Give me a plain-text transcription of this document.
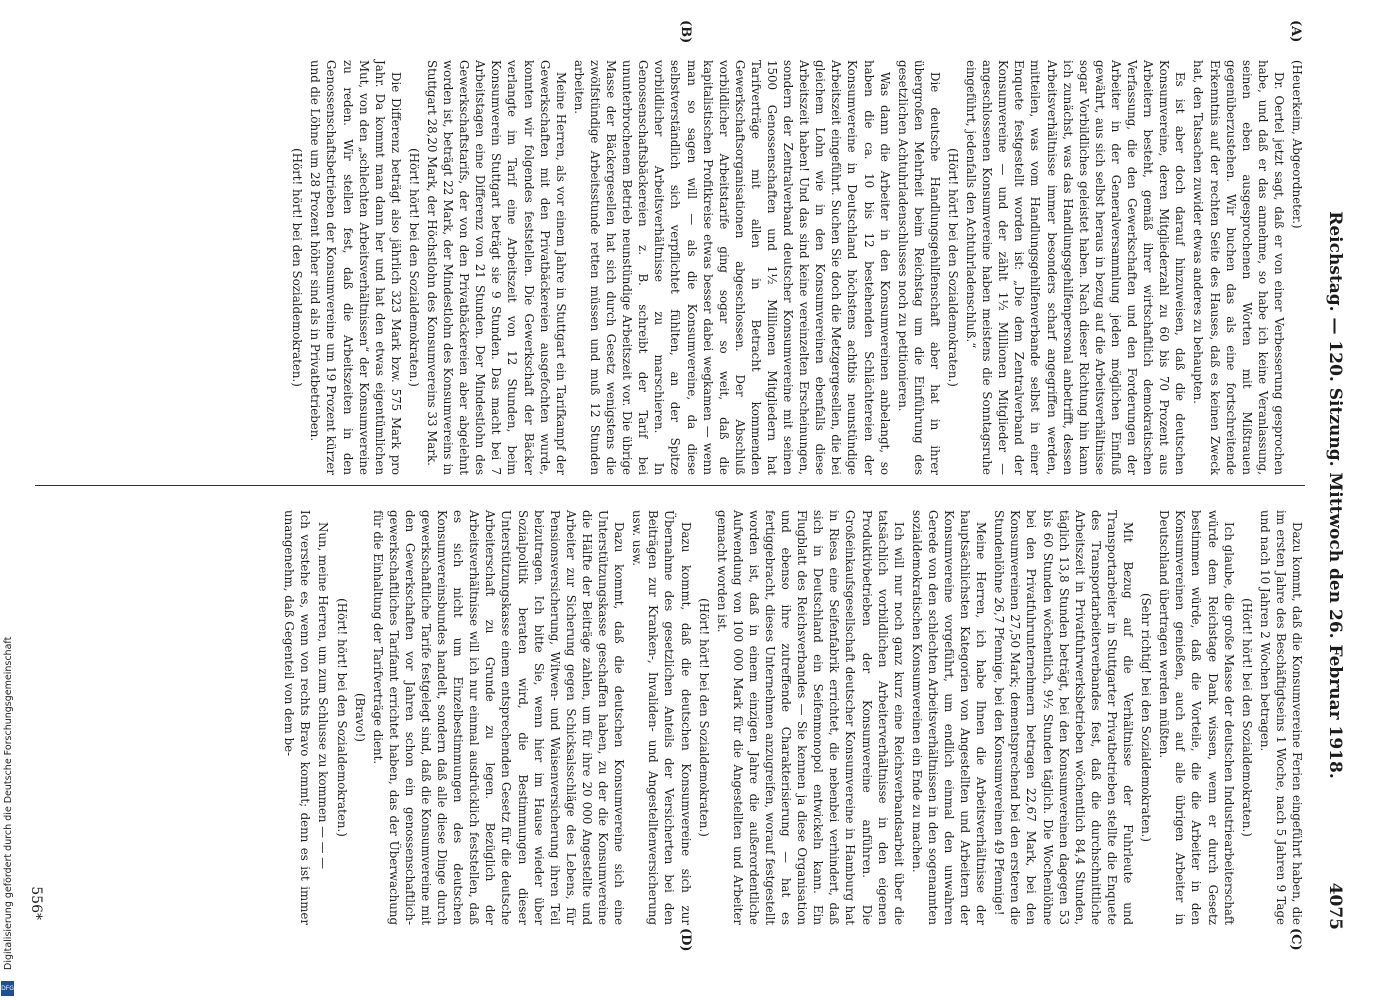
Digitalisierung gefördert durch die Deutsche Forschungsgemeinschaft
DFG
Reichstag. — 120. Sitzung. Mittwoch den 26. Februar 1918.
4075
(A)
(B)
(C)
(D)

(Heuerkeim, Abgeordneter.)

Dr. Oertel jetzt sagt, daß er von einer Verbesserung gesprochen habe, und daß er das annehme, so habe ich keine Veranlassung, seinen eben ausgesprochenen Worten mit Mißtrauen gegenüberzustehen. Wir buchen das als eine fortschreitende Erkenntnis auf der rechten Seite des Hauses, daß es keinen Zweck hat, den Tatsachen zuwider etwas anderes zu behaupten.

Es ist aber doch darauf hinzuweisen, daß die deutschen Konsumvereine, deren Mitgliederzahl zu 60 bis 70 Prozent aus Arbeitern besteht, gemäß ihrer wirtschaftlich demokratischen Verfassung, die den Gewerkschaften und den Forderungen der Arbeiter in der Generalversammlung jeden möglichen Einfluß gewährt, aus sich selbst heraus in bezug auf die Arbeitsverhältnisse sogar Vorbildliches geleistet haben. Nach dieser Richtung hin kann ich zunächst, was das Handlungsgehilfenpersonal anbetrifft, dessen Arbeitsverhältnisse immer besonders scharf angegriffen werden, mitteilen, was vom Handlungsgehilfenverbande selbst in einer Enquete festgestellt worden ist: „Die dem Zentralverband der Konsumvereine — und der zählt 1½ Millionen Mitglieder — angeschlossenen Konsumvereine haben meistens die Sonntagsruhe eingeführt, jedenfalls den Achtuhrladenschluß.“

(Hört! hört! bei den Sozialdemokraten.)

Die deutsche Handlungsgehilfenschaft aber hat in ihrer übergroßen Mehrheit beim Reichstag um die Einführung des gesetzlichen Achtuhrladenschlusses noch zu petitionieren.

Was dann die Arbeiter in den Konsumvereinen anbelangt, so haben die ca. 10 bis 12 bestehenden Schlächtereien der Konsumvereine in Deutschland höchstens achtbis neunstündige Arbeitszeit eingeführt. Suchen Sie doch die Metzgergesellen, die bei gleichem Lohn wie in den Konsumvereinen ebenfalls diese Arbeitszeit haben! Und das sind keine vereinzelten Erscheinungen, sondern der Zentralverband deutscher Konsumvereine mit seinen 1500 Genossenschaften und 1½ Millionen Mitgliedern hat Tarifverträge mit allen in Betracht kommenden Gewerkschaftsorganisationen abgeschlossen. Der Abschluß vorbildlicher Arbeitstarife ging sogar so weit, daß die kapitalistischen Profitkreise etwas besser dabei wegkamen — wenn man so sagen will — als die Konsumvereine, da diese selbstverständlich sich verpflichtet fühlten, an der Spitze vorbildlicher Arbeitsverhältnisse zu marschieren. In Genossenschaftsbäckereien z. B. schreibt der Tarif bei ununterbrochenem Betrieb neunstündige Arbeitszeit vor. Die übrige Masse der Bäckergesellen hat sich durch Gesetz wenigstens die zwölfstündige Arbeitsstunde retten müssen und muß 12 Stunden arbeiten.

Meine Herren, als vor einem Jahre in Stuttgart ein Tarifkampf der Gewerkschaften mit den Privatbäckereien ausgefochten wurde, konnten wir folgendes feststellen. Die Gewerkschaft der Bäcker verlangte im Tarif eine Arbeitszeit von 12 Stunden, beim Konsumverein Stuttgart beträgt sie 9 Stunden. Das macht bei 7 Arbeitstagen eine Differenz von 21 Stunden. Der Mindestlohn des Gewerkschaftstarifs, der von den Privatbäckereien aber abgelehnt worden ist, beträgt 22 Mark, der Mindestlohn des Konsumvereins in Stuttgart 28,20 Mark, der Höchstlohn des Konsumvereins 33 Mark.

(Hört! hört! bei den Sozialdemokraten.)

Die Differenz beträgt also jährlich 323 Mark bzw. 575 Mark pro Jahr. Da kommt man dann her und hat den etwas eigentümlichen Mut, von den „schlechten Arbeitsverhältnissen“ der Konsumvereine zu reden. Wir stellen fest, daß die Arbeitszeiten in den Genossenschaftsbetrieben der Konsumvereine um 19 Prozent kürzer und die Löhne um 28 Prozent höher sind als in Privatbetrieben.

(Hört! hört! bei den Sozialdemokraten.)

Dazu kommt, daß die Konsumvereine Ferien eingeführt haben, die im ersten Jahre des Beschäftigtseins 1 Woche, nach 5 Jahren 9 Tage und nach 10 Jahren 2 Wochen betragen.

(Hört! hört! bei den Sozialdemokraten.)

Ich glaube, die große Masse der deutschen Industriearbeiterschaft würde dem Reichstage Dank wissen, wenn er durch Gesetz bestimmen würde, daß die Vorteile, die die Arbeiter in den Konsumvereinen genießen, auch auf alle übrigen Arbeiter in Deutschland übertragen werden müßten.

(Sehr richtig! bei den Sozialdemokraten.)

Mit Bezug auf die Verhältnisse der Fuhrleute und Transportarbeiter in Stuttgarter Privatbetrieben stellte die Enquete des Transportarbeiterverbandes fest, daß die durchschnittliche Arbeitszeit in Privatfuhrwerksbetrieben wöchentlich 84,4 Stunden, täglich 13,8 Stunden beträgt, bei den Konsumvereinen dagegen 53 bis 60 Stunden wöchentlich, 9½ Stunden täglich. Die Wochenlöhne bei den Privatfuhrunternehmern betragen 22,67 Mark, bei den Konsumvereinen 27,50 Mark; dementsprechend bei den ersteren die Stundenlöhne 26,7 Pfennige, bei den Konsumvereinen 49 Pfennige!

Meine Herren, ich habe Ihnen die Arbeitsverhältnisse der hauptsächlichsten Kategorien von Angestellten und Arbeitern der Konsumvereine vorgeführt, um endlich einmal den unwahren Gerede von den schlechten Arbeitsverhältnissen in den sogenannten sozialdemokratischen Konsumvereinen ein Ende zu machen.

Ich will nur noch ganz kurz eine Reichsverbandsarbeit über die tatsächlich vorbildlichen Arbeiterverhältnisse in den eigenen Produktivbetrieben der Konsumvereine anführen. Die Großeinkaufsgesellschaft deutscher Konsumvereine in Hamburg hat in Riesa eine Seifenfabrik errichtet, die nebenbei verhindert, daß sich in Deutschland ein Seifenmonopol entwickeln kann. Ein Flugblatt des Reichsverbandes — Sie kennen ja diese Organisation und ebenso ihre zutreffende Charakterisierung — hat es fertiggebracht, dieses Unternehmen anzugreifen, worauf festgestellt worden ist, daß in einem einzigen Jahre die außerordentliche Aufwendung von 100 000 Mark für die Angestellten und Arbeiter gemacht worden ist.

(Hört! hört! bei den Sozialdemokraten.)

Dazu kommt, daß die deutschen Konsumvereine sich zur Übernahme des gesetzlichen Anteils der Versicherten bei den Beiträgen zur Kranken-, Invaliden- und Angestelltenversicherung usw. usw.

Dazu kommt, daß die deutschen Konsumvereine sich eine Unterstützungskasse geschaffen haben, zu der die Konsumvereine die Hälfte der Beiträge zahlen, um für ihre 20 000 Angestellte und Arbeiter zur Sicherung gegen Schicksalsschläge des Lebens, für Pensionsversicherung, Witwen- und Waisenversicherung ihren Teil beizutragen. Ich bitte Sie, wenn hier im Hause wieder über Sozialpolitik beraten wird, die Bestimmungen dieser Unterstützungskasse einem entsprechenden Gesetz für die deutsche Arbeiterschaft zu Grunde zu legen. Bezüglich der Arbeitsverhältnisse will ich nur einmal ausdrücklich feststellen, daß es sich nicht um Einzelbestimmungen des deutschen Konsumvereinsbundes handelt, sondern daß alle diese Dinge durch gewerkschaftliche Tarife festgelegt sind, daß die Konsumvereine mit den Gewerkschaften vor Jahren schon ein genossenschaftlich-gewerkschaftliches Tarifamt errichtet haben, das der Überwachung für die Einhaltung der Tarifverträge dient.

(Bravo!)

(Hört! hört! bei den Sozialdemokraten.)

Nun, meine Herren, um zum Schlusse zu kommen — — —

Ich verstehe es, wenn von rechts Bravo kommt; denn es ist immer unangenehm, daß Gegenteil von dem be-

556*
